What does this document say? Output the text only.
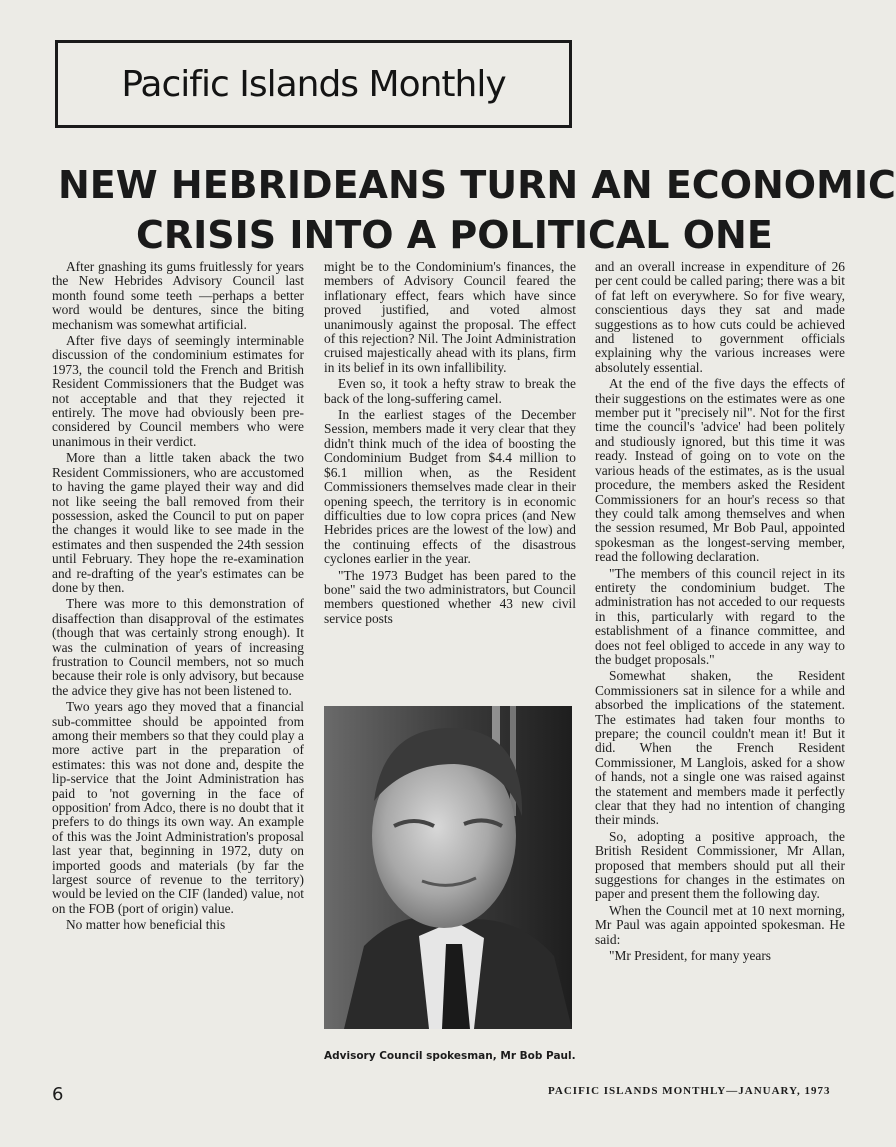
Pacific Islands Monthly
NEW HEBRIDEANS TURN AN ECONOMIC
CRISIS INTO A POLITICAL ONE

After gnashing its gums fruitlessly for years the New Hebrides Advisory Council last month found some teeth —perhaps a better word would be dentures, since the biting mechanism was somewhat artificial.

After five days of seemingly interminable discussion of the condominium estimates for 1973, the council told the French and British Resident Commissioners that the Budget was not acceptable and that they rejected it entirely. The move had obviously been pre-considered by Council members who were unanimous in their verdict.

More than a little taken aback the two Resident Commissioners, who are accustomed to having the game played their way and did not like seeing the ball removed from their possession, asked the Council to put on paper the changes it would like to see made in the estimates and then suspended the 24th session until February. They hope the re-examination and re-drafting of the year's estimates can be done by then.

There was more to this demonstration of disaffection than disapproval of the estimates (though that was certainly strong enough). It was the culmination of years of increasing frustration to Council members, not so much because their role is only advisory, but because the advice they give has not been listened to.

Two years ago they moved that a financial sub-committee should be appointed from among their members so that they could play a more active part in the preparation of estimates: this was not done and, despite the lip-service that the Joint Administration has paid to 'not governing in the face of opposition' from Adco, there is no doubt that it prefers to do things its own way. An example of this was the Joint Administration's proposal last year that, beginning in 1972, duty on imported goods and materials (by far the largest source of revenue to the territory) would be levied on the CIF (landed) value, not on the FOB (port of origin) value.

No matter how beneficial this

might be to the Condominium's finances, the members of Advisory Council feared the inflationary effect, fears which have since proved justified, and voted almost unanimously against the proposal. The effect of this rejection? Nil. The Joint Administration cruised majestically ahead with its plans, firm in its belief in its own infallibility.

Even so, it took a hefty straw to break the back of the long-suffering camel.

In the earliest stages of the December Session, members made it very clear that they didn't think much of the idea of boosting the Condominium Budget from $4.4 million to $6.1 million when, as the Resident Commissioners themselves made clear in their opening speech, the territory is in economic difficulties due to low copra prices (and New Hebrides prices are the lowest of the low) and the continuing effects of the disastrous cyclones earlier in the year.

"The 1973 Budget has been pared to the bone" said the two administrators, but Council members questioned whether 43 new civil service posts

Advisory Council spokesman, Mr Bob Paul.

and an overall increase in expenditure of 26 per cent could be called paring; there was a bit of fat left on everywhere. So for five weary, conscientious days they sat and made suggestions as to how cuts could be achieved and listened to government officials explaining why the various increases were absolutely essential.

At the end of the five days the effects of their suggestions on the estimates were as one member put it "precisely nil". Not for the first time the council's 'advice' had been politely and studiously ignored, but this time it was ready. Instead of going on to vote on the various heads of the estimates, as is the usual procedure, the members asked the Resident Commissioners for an hour's recess so that they could talk among themselves and when the session resumed, Mr Bob Paul, appointed spokesman as the longest-serving member, read the following declaration.

"The members of this council reject in its entirety the condominium budget. The administration has not acceded to our requests in this, particularly with regard to the establishment of a finance committee, and does not feel obliged to accede in any way to the budget proposals."

Somewhat shaken, the Resident Commissioners sat in silence for a while and absorbed the implications of the statement. The estimates had taken four months to prepare; the council couldn't mean it! But it did. When the French Resident Commissioner, M Langlois, asked for a show of hands, not a single one was raised against the statement and members made it perfectly clear that they had no intention of changing their minds.

So, adopting a positive approach, the British Resident Commissioner, Mr Allan, proposed that members should put all their suggestions for changes in the estimates on paper and present them the following day.

When the Council met at 10 next morning, Mr Paul was again appointed spokesman. He said:

"Mr President, for many years

6	PACIFIC ISLANDS MONTHLY—JANUARY, 1973
